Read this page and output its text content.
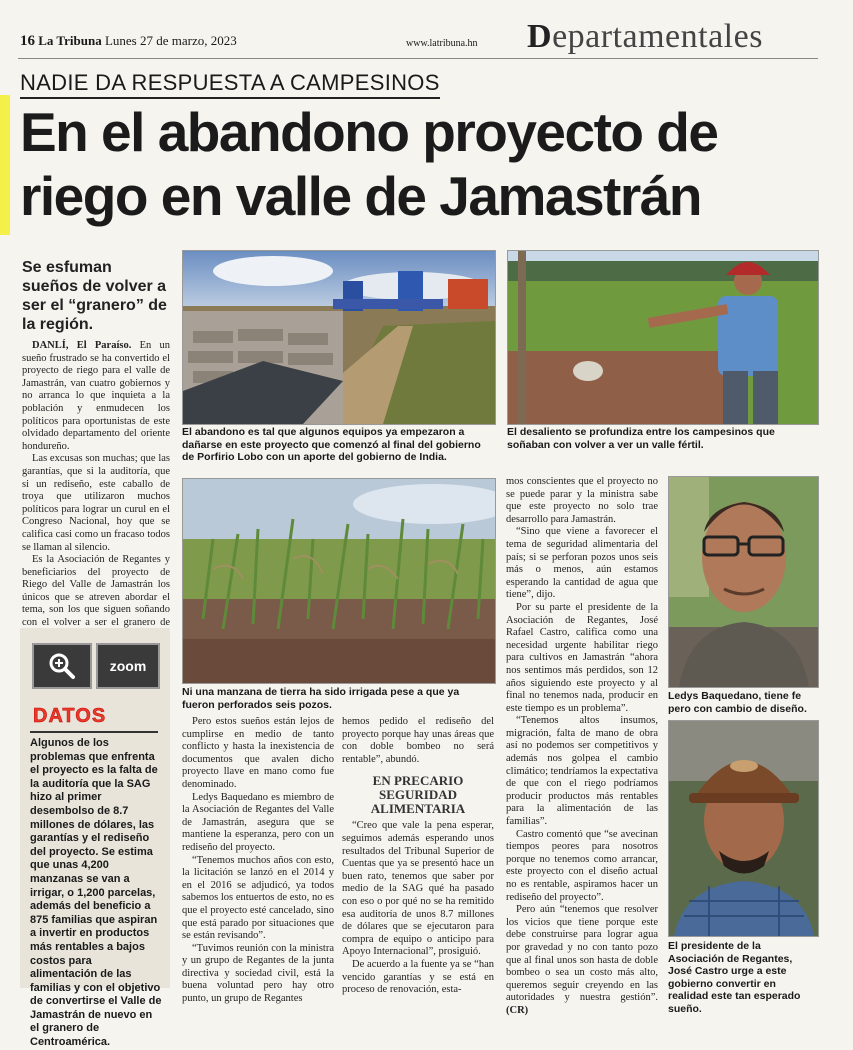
16 La Tribuna Lunes 27 de marzo, 2023	www.latribuna.hn Departamentales
NADIE DA RESPUESTA A CAMPESINOS
En el abandono proyecto de
riego en valle de Jamastrán
Se esfuman sueños de volver a ser el “granero” de la región.

DANLÍ, El Paraíso. En un sueño frustrado se ha convertido el proyecto de riego para el valle de Jamastrán, van cuatro gobiernos y no arranca lo que inquieta a la población y enmudecen los políticos para oportunistas de este olvidado departamento del oriente hondureño.

Las excusas son muchas; que las garantías, que si la auditoría, que si un rediseño, este caballo de troya que utilizaron muchos políticos para lograr un curul en el Congreso Nacional, hoy que se califica casi como un fracaso todos se llaman al silencio.

Es la Asociación de Regantes y beneficiarios del proyecto de Riego del Valle de Jamastrán los únicos que se atreven abordar el tema, son los que siguen soñando con el volver a ser el granero de

zoom
DATOS
Algunos de los problemas que enfrenta el proyecto es la falta de la auditoría que la SAG hizo al primer desembolso de 8.7 millones de dólares, las garantías y el rediseño del proyecto. Se estima que unas 4,200 manzanas se van a irrigar, o 1,200 parcelas, además del beneficio a 875 familias que aspiran a invertir en productos más rentables a bajos costos para alimentación de las familias y con el objetivo de convertirse el Valle de Jamastrán de nuevo en el granero de Centroamérica.
El abandono es tal que algunos equipos ya empezaron a dañarse en este proyecto que comenzó al final del gobierno de Porfirio Lobo con un aporte del gobierno de India.
El desaliento se profundiza entre los campesinos que soñaban con volver a ver un valle fértil.
Ni una manzana de tierra ha sido irrigada pese a que ya fueron perforados seis pozos.

Pero estos sueños están lejos de cumplirse en medio de tanto conflicto y hasta la inexistencia de documentos que avalen dicho proyecto llave en mano como fue denominado.

Ledys Baquedano es miembro de la Asociación de Regantes del Valle de Jamastrán, asegura que se mantiene la esperanza, pero con un rediseño del proyecto.

“Tenemos muchos años con esto, la licitación se lanzó en el 2014 y en el 2016 se adjudicó, ya todos sabemos los entuertos de esto, no es que el proyecto esté cancelado, sino que está parado por situaciones que se están revisando”.

“Tuvimos reunión con la ministra y un grupo de Regantes de la junta directiva y sociedad civil, está la buena voluntad pero hay otro punto, un grupo de Regantes

hemos pedido el rediseño del proyecto porque hay unas áreas que con doble bombeo no será rentable”, abundó.

EN PRECARIO SEGURIDAD ALIMENTARIA

“Creo que vale la pena esperar, seguimos además esperando unos resultados del Tribunal Superior de Cuentas que ya se presentó hace un buen rato, tenemos que saber por medio de la SAG qué ha pasado con eso o por qué no se ha remitido esa auditoría de unos 8.7 millones de dólares que se ejecutaron para compra de equipo o anticipo para Apoyo Internacional”, prosiguió.

De acuerdo a la fuente ya se “han vencido garantías y se está en proceso de renovación, esta-

mos conscientes que el proyecto no se puede parar y la ministra sabe que este proyecto no solo trae desarrollo para Jamastrán.

“Sino que viene a favorecer el tema de seguridad alimentaria del país; si se perforan pozos unos seis más o menos, aún estamos esperando la cantidad de agua que tiene”, dijo.

Por su parte el presidente de la Asociación de Regantes, José Rafael Castro, califica como una necesidad urgente habilitar riego para cultivos en Jamastrán “ahora nos sentimos más perdidos, son 12 años siguiendo este proyecto y al final no tenemos nada, producir en este tiempo es un problema”.

“Tenemos altos insumos, migración, falta de mano de obra así no podemos ser competitivos y además nos golpea el cambio climático; tendríamos la expectativa de que con el riego podríamos producir productos más rentables para la alimentación de las familias”.

Castro comentó que “se avecinan tiempos peores para nosotros porque no tenemos como arrancar, este proyecto con el diseño actual no es rentable, aspiramos hacer un rediseño del proyecto”.

Pero aún “tenemos que resolver los vicios que tiene porque este debe construirse para lograr agua por gravedad y no con tanto pozo que al final unos son hasta de doble bombeo o sea un costo más alto, queremos seguir creyendo en las autoridades y nuestra gestión”. (CR)

Ledys Baquedano, tiene fe pero con cambio de diseño.
El presidente de la Asociación de Regantes, José Castro urge a este gobierno convertir en realidad este tan esperado sueño.
